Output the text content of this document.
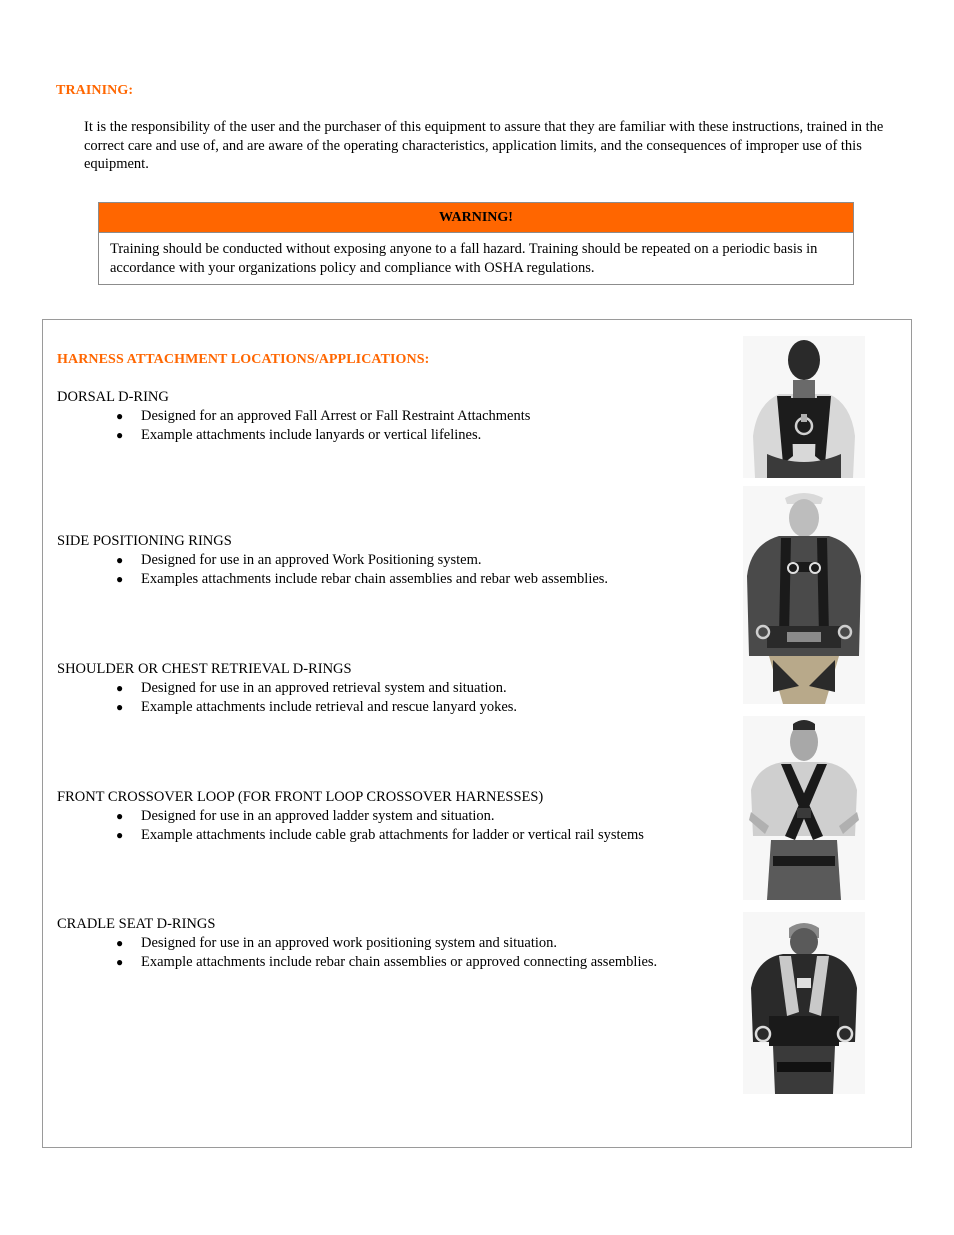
TRAINING:

It is the responsibility of the user and the purchaser of this equipment to assure that they are familiar with these instructions, trained in the correct care and use of, and are aware of the operating characteristics, application limits, and the consequences of improper use of this equipment.

WARNING!
Training should be conducted without exposing anyone to a fall hazard. Training should be repeated on a periodic basis in accordance with your organizations policy and compliance with OSHA regulations.
HARNESS ATTACHMENT LOCATIONS/APPLICATIONS:
DORSAL D-RING
● Designed for an approved Fall Arrest or Fall Restraint Attachments
● Example attachments include lanyards or vertical lifelines.
SIDE POSITIONING RINGS
● Designed for use in an approved Work Positioning system.
● Examples attachments include rebar chain assemblies and rebar web assemblies.
SHOULDER OR CHEST RETRIEVAL D-RINGS
● Designed for use in an approved retrieval system and situation.
● Example attachments include retrieval and rescue lanyard yokes.
FRONT CROSSOVER LOOP (FOR FRONT LOOP CROSSOVER HARNESSES)
● Designed for use in an approved ladder system and situation.
● Example attachments include cable grab attachments for ladder or vertical rail systems
CRADLE SEAT D-RINGS
● Designed for use in an approved work positioning system and situation.
● Example attachments include rebar chain assemblies or approved connecting assemblies.
